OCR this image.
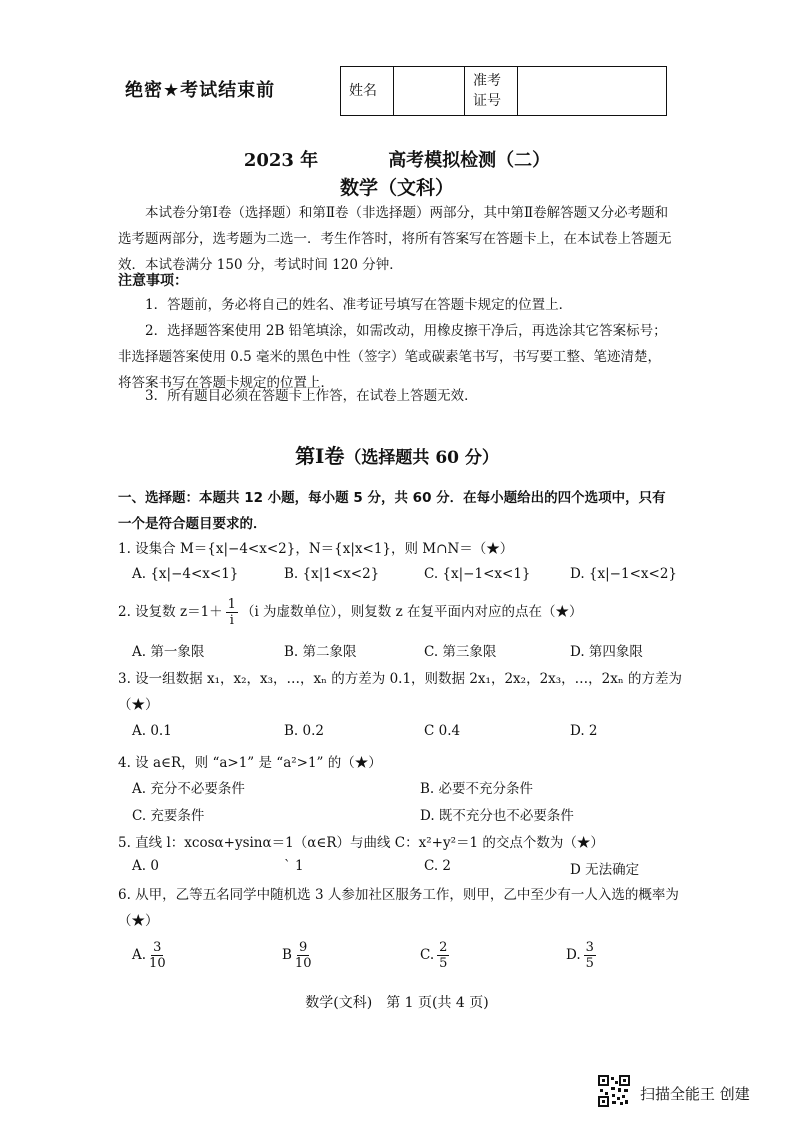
绝密★考试结束前	姓名		
准考
证号

2023 年	高考模拟检测（二）
数学（文科）
本试卷分第Ⅰ卷（选择题）和第Ⅱ卷（非选择题）两部分，其中第Ⅱ卷解答题又分必考题和选考题两部分，选考题为二选一．考生作答时，将所有答案写在答题卡上，在本试卷上答题无效．本试卷满分 150 分，考试时间 120 分钟．
注意事项：
1．答题前，务必将自己的姓名、准考证号填写在答题卡规定的位置上．
2．选择题答案使用 2B 铅笔填涂，如需改动，用橡皮擦干净后，再选涂其它答案标号；非选择题答案使用 0.5 毫米的黑色中性（签字）笔或碳素笔书写，书写要工整、笔迹清楚，将答案书写在答题卡规定的位置上．
3．所有题目必须在答题卡上作答，在试卷上答题无效．
第Ⅰ卷（选择题共 60 分）
一、选择题：本题共 12 小题，每小题 5 分，共 60 分．在每小题给出的四个选项中，只有一个是符合题目要求的．
1. 设集合 M＝{x|−4<x<2}，N＝{x|x<1}，则 M∩N＝（★）
A. {x|−4<x<1}	B. {x|1<x<2}	C. {x|−1<x<1}	D. {x|−1<x<2}
2. 设复数 $z=1+ \frac{1}{i} (i$ 为虚数单位），则复数 z 在复平面内对应的点在（★）
A. 第一象限	B. 第二象限	C. 第三象限	D. 第四象限
3. 设一组数据 x₁，x₂，x₃，…，xₙ 的方差为 0.1，则数据 2x₁，2x₂，2x₃，…，2xₙ 的方差为（★）
A. 0.1	B. 0.2	C 0.4	D. 2
4. 设 a∈R，则 “a>1” 是 “a²>1” 的（★）
A. 充分不必要条件	B. 必要不充分条件
C. 充要条件	D. 既不充分也不必要条件
5. 直线 l：xcosα+ysinα＝1（α∈R）与曲线 C：x²+y²＝1 的交点个数为（★）
A. 0	ˋ 1	C. 2	D 无法确定
6. 从甲，乙等五名同学中随机选 3 人参加社区服务工作，则甲，乙中至少有一人入选的概率为（★）
A. $\frac{3}{10}$	B $\frac{9}{10}$	C. $\frac{2}{5}$	D. $\frac{3}{5}$
数学(文科)　第 1 页(共 4 页)
扫描全能王 创建
